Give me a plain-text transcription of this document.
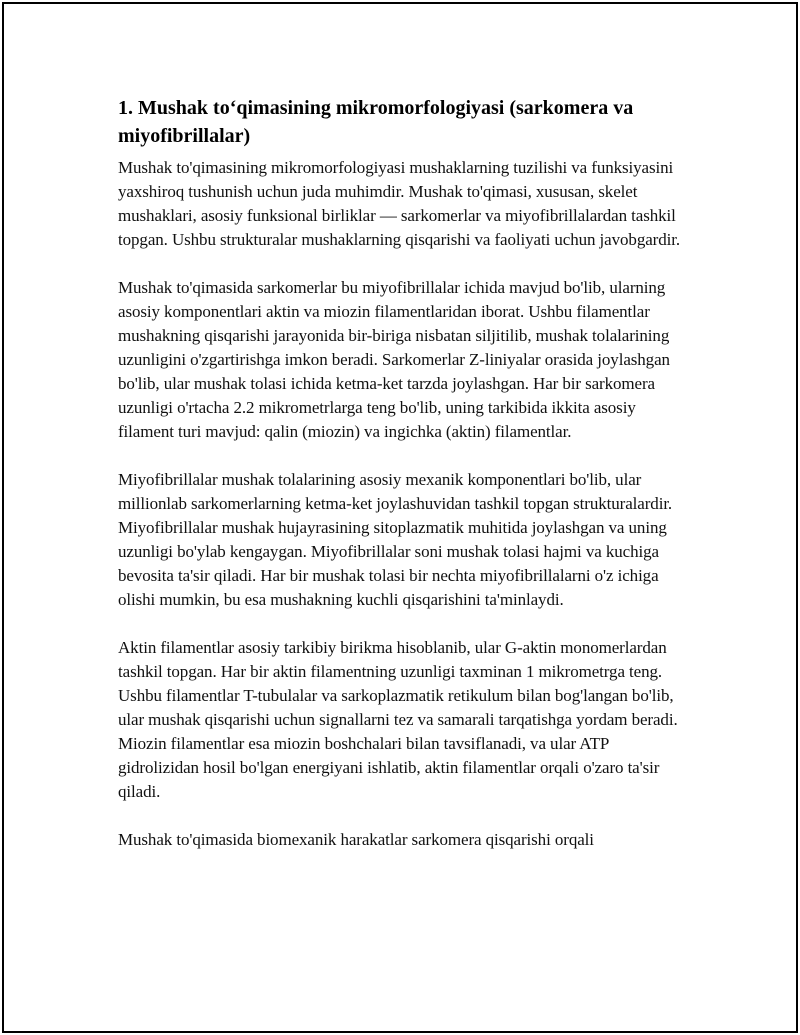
1. Mushak to‘qimasining mikromorfologiyasi (sarkomera va miyofibrillalar)

Mushak to'qimasining mikromorfologiyasi mushaklarning tuzilishi va funksiyasini yaxshiroq tushunish uchun juda muhimdir. Mushak to'qimasi, xususan, skelet mushaklari, asosiy funksional birliklar — sarkomerlar va miyofibrillalardan tashkil topgan. Ushbu strukturalar mushaklarning qisqarishi va faoliyati uchun javobgardir.

Mushak to'qimasida sarkomerlar bu miyofibrillalar ichida mavjud bo'lib, ularning asosiy komponentlari aktin va miozin filamentlaridan iborat. Ushbu filamentlar mushakning qisqarishi jarayonida bir-biriga nisbatan siljitilib, mushak tolalarining uzunligini o'zgartirishga imkon beradi. Sarkomerlar Z-liniyalar orasida joylashgan bo'lib, ular mushak tolasi ichida ketma-ket tarzda joylashgan. Har bir sarkomera uzunligi o'rtacha 2.2 mikrometrlarga teng bo'lib, uning tarkibida ikkita asosiy filament turi mavjud: qalin (miozin) va ingichka (aktin) filamentlar.

Miyofibrillalar mushak tolalarining asosiy mexanik komponentlari bo'lib, ular millionlab sarkomerlarning ketma-ket joylashuvidan tashkil topgan strukturalardir. Miyofibrillalar mushak hujayrasining sitoplazmatik muhitida joylashgan va uning uzunligi bo'ylab kengaygan. Miyofibrillalar soni mushak tolasi hajmi va kuchiga bevosita ta'sir qiladi. Har bir mushak tolasi bir nechta miyofibrillalarni o'z ichiga olishi mumkin, bu esa mushakning kuchli qisqarishini ta'minlaydi.

Aktin filamentlar asosiy tarkibiy birikma hisoblanib, ular G-aktin monomerlardan tashkil topgan. Har bir aktin filamentning uzunligi taxminan 1 mikrometrga teng. Ushbu filamentlar T-tubulalar va sarkoplazmatik retikulum bilan bog'langan bo'lib, ular mushak qisqarishi uchun signallarni tez va samarali tarqatishga yordam beradi. Miozin filamentlar esa miozin boshchalari bilan tavsiflanadi, va ular ATP gidrolizidan hosil bo'lgan energiyani ishlatib, aktin filamentlar orqali o'zaro ta'sir qiladi.

Mushak to'qimasida biomexanik harakatlar sarkomera qisqarishi orqali
